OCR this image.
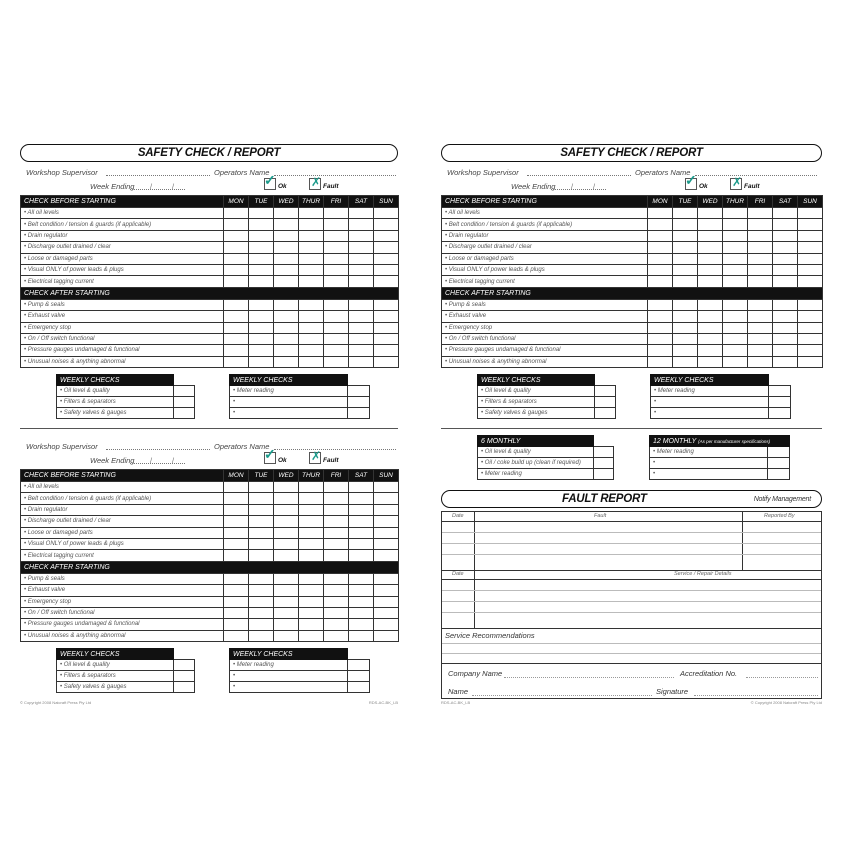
SAFETY CHECK / REPORT
Workshop Supervisor	Operators Name
Week Ending /	/	✓ Ok ✗ Fault
CHECK BEFORE STARTING	MON	TUE	WED	THUR	FRI	SAT	SUN
• All oil levels							
• Belt condition / tension & guards (if applicable)							
• Drain regulator							
• Discharge outlet drained / clear							
• Loose or damaged parts							
• Visual ONLY of power leads & plugs							
• Electrical tagging current							
CHECK AFTER STARTING							
• Pump & seals							
• Exhaust valve							
• Emergency stop							
• On / Off switch functional							
• Pressure gauges undamaged & functional							
• Unusual noises & anything abnormal							
WEEKLY CHECKS	
• Oil level & quality	
• Filters & separators	
• Safety valves & gauges	
WEEKLY CHECKS	
• Meter reading	
•	
•	
Workshop Supervisor	Operators Name
Week Ending /	/	✓ Ok ✗ Fault
CHECK BEFORE STARTING	MON	TUE	WED	THUR	FRI	SAT	SUN
• All oil levels							
• Belt condition / tension & guards (if applicable)							
• Drain regulator							
• Discharge outlet drained / clear							
• Loose or damaged parts							
• Visual ONLY of power leads & plugs							
• Electrical tagging current							
CHECK AFTER STARTING							
• Pump & seals							
• Exhaust valve							
• Emergency stop							
• On / Off switch functional							
• Pressure gauges undamaged & functional							
• Unusual noises & anything abnormal							
WEEKLY CHECKS	
• Oil level & quality	
• Filters & separators	
• Safety valves & gauges	
WEEKLY CHECKS	
• Meter reading	
•	
•	
© Copyright 2008 Natcraft Press Pty Ltd	RDS-AC-BK_LB
SAFETY CHECK / REPORT
Workshop Supervisor	Operators Name
Week Ending /	/	✓ Ok ✗ Fault
CHECK BEFORE STARTING	MON	TUE	WED	THUR	FRI	SAT	SUN
• All oil levels							
• Belt condition / tension & guards (if applicable)							
• Drain regulator							
• Discharge outlet drained / clear							
• Loose or damaged parts							
• Visual ONLY of power leads & plugs							
• Electrical tagging current							
CHECK AFTER STARTING							
• Pump & seals							
• Exhaust valve							
• Emergency stop							
• On / Off switch functional							
• Pressure gauges undamaged & functional							
• Unusual noises & anything abnormal							
WEEKLY CHECKS	
• Oil level & quality	
• Filters & separators	
• Safety valves & gauges	
WEEKLY CHECKS	
• Meter reading	
•	
•	
6 MONTHLY		
• Oil level & quality		
• Oil / coke build up (clean if required)		
• Meter reading		
12 MONTHLY (As per manufacturer specifications)	
• Meter reading	
•	
•	
FAULT REPORT	Notify Management
Date	Fault	Reported By
Date	Service / Repair Details
Service Recommendations
Company Name	Accreditation No.
Name	Signature
RDS-AC-BK_LB	© Copyright 2008 Natcraft Press Pty Ltd
